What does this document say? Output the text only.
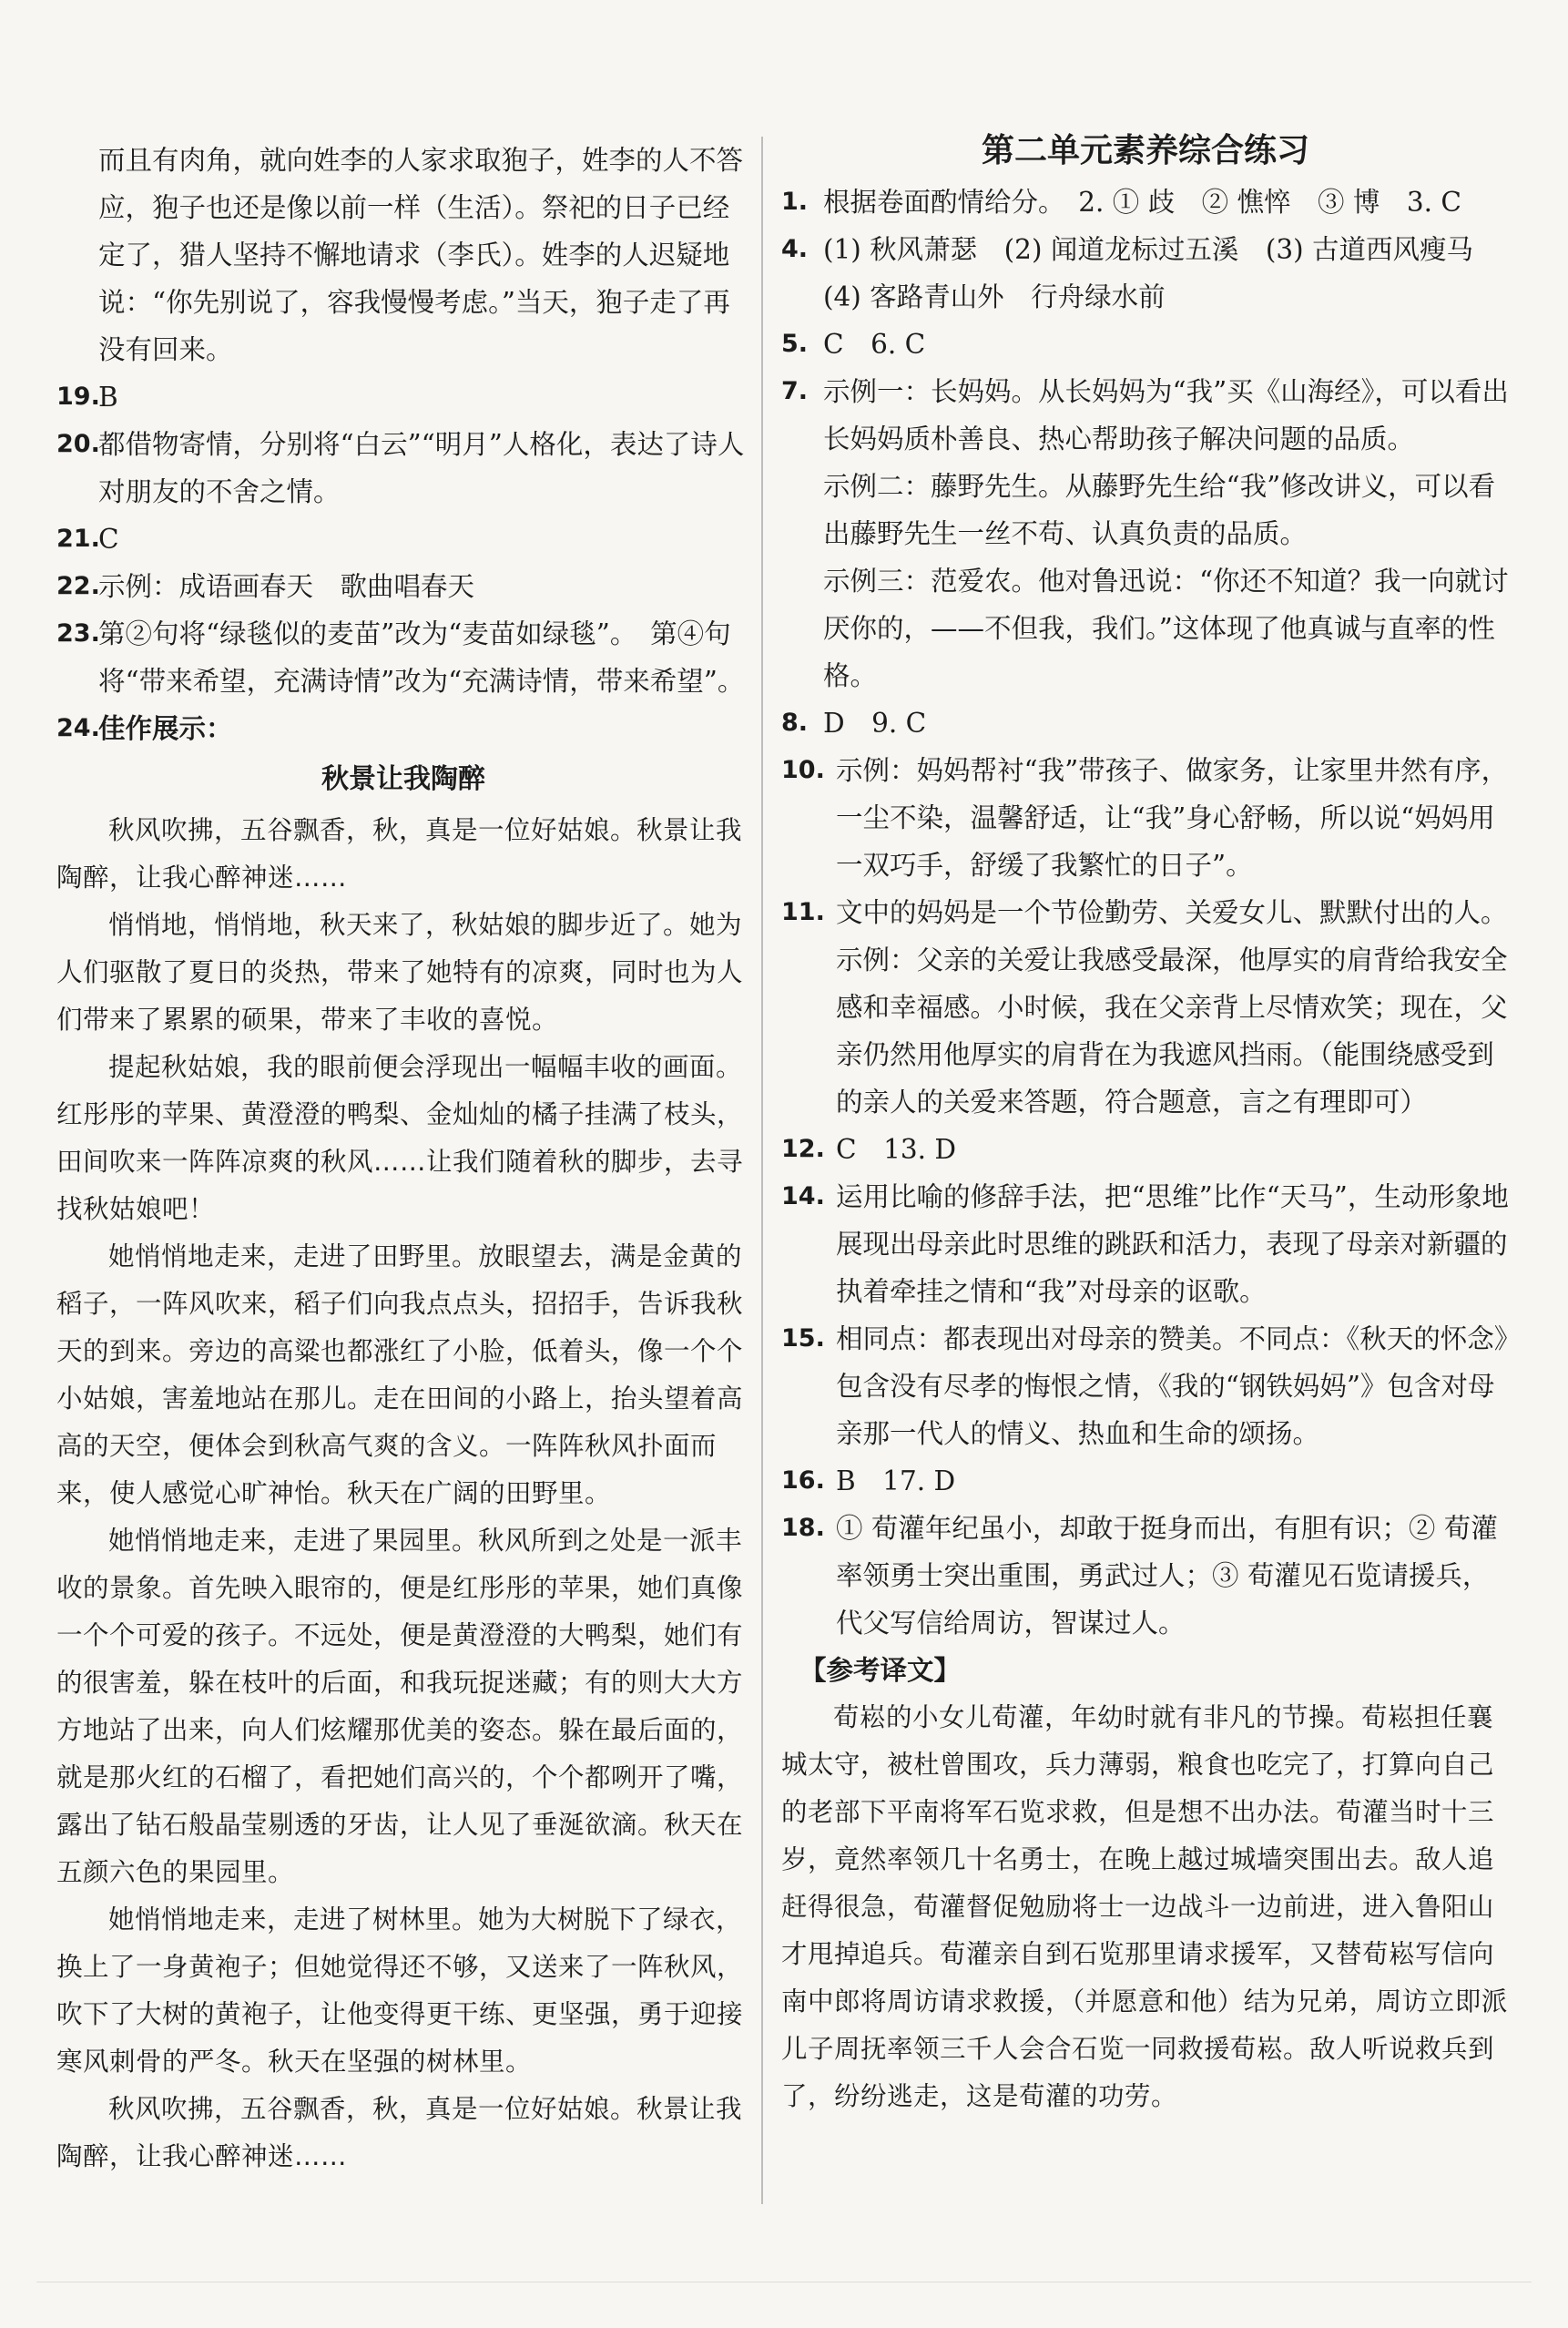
而且有肉角，就向姓李的人家求取狍子，姓李的人不答应，狍子也还是像以前一样（生活）。祭祀的日子已经定了，猎人坚持不懈地请求（李氏）。姓李的人迟疑地说：“你先别说了，容我慢慢考虑。”当天，狍子走了再没有回来。

19.
B
20.
都借物寄情，分别将“白云”“明月”人格化，表达了诗人对朋友的不舍之情。
21.
C
22.
示例：成语画春天　歌曲唱春天
23.
第②句将“绿毯似的麦苗”改为“麦苗如绿毯”。　第④句将“带来希望，充满诗情”改为“充满诗情，带来希望”。
24.
佳作展示：
秋景让我陶醉

秋风吹拂，五谷飘香，秋，真是一位好姑娘。秋景让我陶醉，让我心醉神迷……

悄悄地，悄悄地，秋天来了，秋姑娘的脚步近了。她为人们驱散了夏日的炎热，带来了她特有的凉爽，同时也为人们带来了累累的硕果，带来了丰收的喜悦。

提起秋姑娘，我的眼前便会浮现出一幅幅丰收的画面。红彤彤的苹果、黄澄澄的鸭梨、金灿灿的橘子挂满了枝头，田间吹来一阵阵凉爽的秋风……让我们随着秋的脚步，去寻找秋姑娘吧！

她悄悄地走来，走进了田野里。放眼望去，满是金黄的稻子，一阵风吹来，稻子们向我点点头，招招手，告诉我秋天的到来。旁边的高粱也都涨红了小脸，低着头，像一个个小姑娘，害羞地站在那儿。走在田间的小路上，抬头望着高高的天空，便体会到秋高气爽的含义。一阵阵秋风扑面而来，使人感觉心旷神怡。秋天在广阔的田野里。

她悄悄地走来，走进了果园里。秋风所到之处是一派丰收的景象。首先映入眼帘的，便是红彤彤的苹果，她们真像一个个可爱的孩子。不远处，便是黄澄澄的大鸭梨，她们有的很害羞，躲在枝叶的后面，和我玩捉迷藏；有的则大大方方地站了出来，向人们炫耀那优美的姿态。躲在最后面的，就是那火红的石榴了，看把她们高兴的，个个都咧开了嘴，露出了钻石般晶莹剔透的牙齿，让人见了垂涎欲滴。秋天在五颜六色的果园里。

她悄悄地走来，走进了树林里。她为大树脱下了绿衣，换上了一身黄袍子；但她觉得还不够，又送来了一阵秋风，吹下了大树的黄袍子，让他变得更干练、更坚强，勇于迎接寒风刺骨的严冬。秋天在坚强的树林里。

秋风吹拂，五谷飘香，秋，真是一位好姑娘。秋景让我陶醉，让我心醉神迷……

第二单元素养综合练习
1. 根据卷面酌情给分。　2. ① 歧　② 憔悴　③ 博　3. C
4. (1) 秋风萧瑟　(2) 闻道龙标过五溪　(3) 古道西风瘦马　(4) 客路青山外　行舟绿水前
5. C　6. C
7. 示例一：长妈妈。从长妈妈为“我”买《山海经》，可以看出长妈妈质朴善良、热心帮助孩子解决问题的品质。

示例二：藤野先生。从藤野先生给“我”修改讲义，可以看出藤野先生一丝不苟、认真负责的品质。

示例三：范爱农。他对鲁迅说：“你还不知道？我一向就讨厌你的，——不但我，我们。”这体现了他真诚与直率的性格。

8. D　9. C
10. 示例：妈妈帮衬“我”带孩子、做家务，让家里井然有序，一尘不染，温馨舒适，让“我”身心舒畅，所以说“妈妈用一双巧手，舒缓了我繁忙的日子”。
11. 文中的妈妈是一个节俭勤劳、关爱女儿、默默付出的人。示例：父亲的关爱让我感受最深，他厚实的肩背给我安全感和幸福感。小时候，我在父亲背上尽情欢笑；现在，父亲仍然用他厚实的肩背在为我遮风挡雨。（能围绕感受到的亲人的关爱来答题，符合题意，言之有理即可）
12. C　13. D
14. 运用比喻的修辞手法，把“思维”比作“天马”，生动形象地展现出母亲此时思维的跳跃和活力，表现了母亲对新疆的执着牵挂之情和“我”对母亲的讴歌。
15. 相同点：都表现出对母亲的赞美。不同点：《秋天的怀念》包含没有尽孝的悔恨之情，《我的“钢铁妈妈”》包含对母亲那一代人的情义、热血和生命的颂扬。
16. B　17. D
18. ① 荀灌年纪虽小，却敢于挺身而出，有胆有识；② 荀灌率领勇士突出重围，勇武过人；③ 荀灌见石览请援兵，代父写信给周访，智谋过人。
【参考译文】

荀崧的小女儿荀灌，年幼时就有非凡的节操。荀崧担任襄城太守，被杜曾围攻，兵力薄弱，粮食也吃完了，打算向自己的老部下平南将军石览求救，但是想不出办法。荀灌当时十三岁，竟然率领几十名勇士，在晚上越过城墙突围出去。敌人追赶得很急，荀灌督促勉励将士一边战斗一边前进，进入鲁阳山才甩掉追兵。荀灌亲自到石览那里请求援军，又替荀崧写信向南中郎将周访请求救援，（并愿意和他）结为兄弟，周访立即派儿子周抚率领三千人会合石览一同救援荀崧。敌人听说救兵到了，纷纷逃走，这是荀灌的功劳。
